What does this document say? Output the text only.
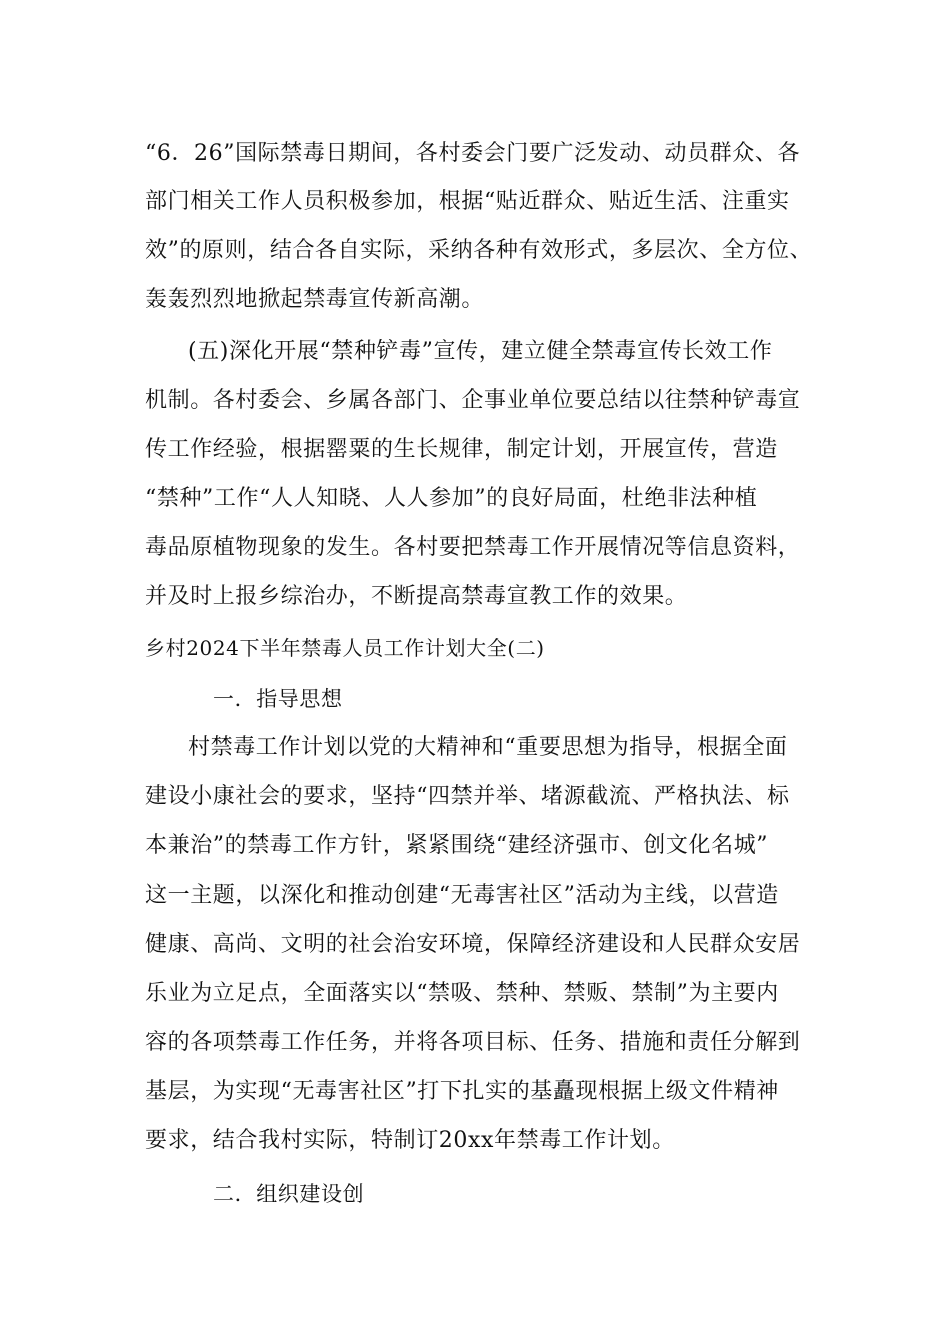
“6．26”国际禁毒日期间，各村委会门要广泛发动、动员群众、各
部门相关工作人员积极参加，根据“贴近群众、贴近生活、注重实
效”的原则，结合各自实际，采纳各种有效形式，多层次、全方位、
轰轰烈烈地掀起禁毒宣传新高潮。
(五)深化开展“禁种铲毒”宣传，建立健全禁毒宣传长效工作
机制。各村委会、乡属各部门、企事业单位要总结以往禁种铲毒宣
传工作经验，根据罂粟的生长规律，制定计划，开展宣传，营造
“禁种”工作“人人知晓、人人参加”的良好局面，杜绝非法种植
毒品原植物现象的发生。各村要把禁毒工作开展情况等信息资料，
并及时上报乡综治办，不断提高禁毒宣教工作的效果。
乡村2024下半年禁毒人员工作计划大全(二)
一．指导思想
村禁毒工作计划以党的大精神和“重要思想为指导，根据全面
建设小康社会的要求，坚持“四禁并举、堵源截流、严格执法、标
本兼治”的禁毒工作方针，紧紧围绕“建经济强市、创文化名城”
这一主题，以深化和推动创建“无毒害社区”活动为主线，以营造
健康、高尚、文明的社会治安环境，保障经济建设和人民群众安居
乐业为立足点，全面落实以“禁吸、禁种、禁贩、禁制”为主要内
容的各项禁毒工作任务，并将各项目标、任务、措施和责任分解到
基层，为实现“无毒害社区”打下扎实的基矗现根据上级文件精神
要求，结合我村实际，特制订20xx年禁毒工作计划。
二．组织建设创
